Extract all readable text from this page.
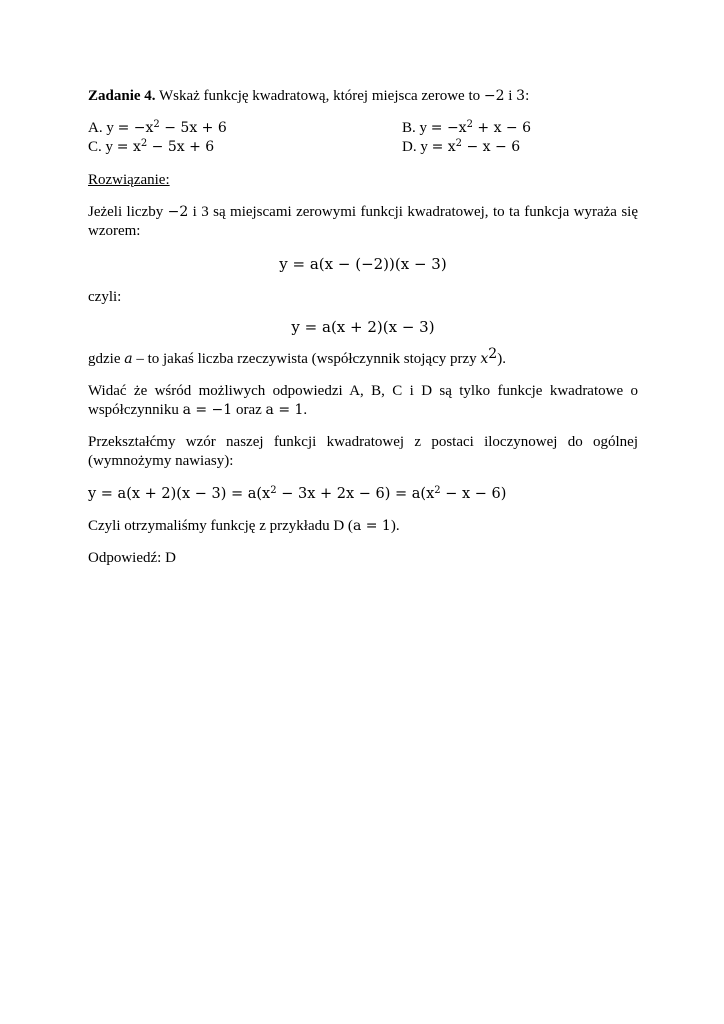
Zadanie 4. Wskaż funkcję kwadratową, której miejsca zerowe to −2 i 3:
A. $y = -x^2 - 5x + 6$	B. $y = -x^2 + x - 6$
C. $y = x^2 - 5x + 6$	D. $y = x^2 - x - 6$
Rozwiązanie:
Jeżeli liczby −2 i 3 są miejscami zerowymi funkcji kwadratowej, to ta funkcja wyraża się wzorem:
y = a(x − (−2))(x − 3)
czyli:
y = a(x + 2)(x − 3)
gdzie a – to jakaś liczba rzeczywista (współczynnik stojący przy $x^2$).
Widać że wśród możliwych odpowiedzi A, B, C i D są tylko funkcje kwadratowe o współczynniku a = −1 oraz a = 1.
Przekształćmy wzór naszej funkcji kwadratowej z postaci iloczynowej do ogólnej (wymnożymy nawiasy):
$y = a(x + 2)(x - 3) = a(x^2 - 3x + 2x - 6) = a(x^2 - x - 6)$
Czyli otrzymaliśmy funkcję z przykładu D (a = 1).
Odpowiedź: D
